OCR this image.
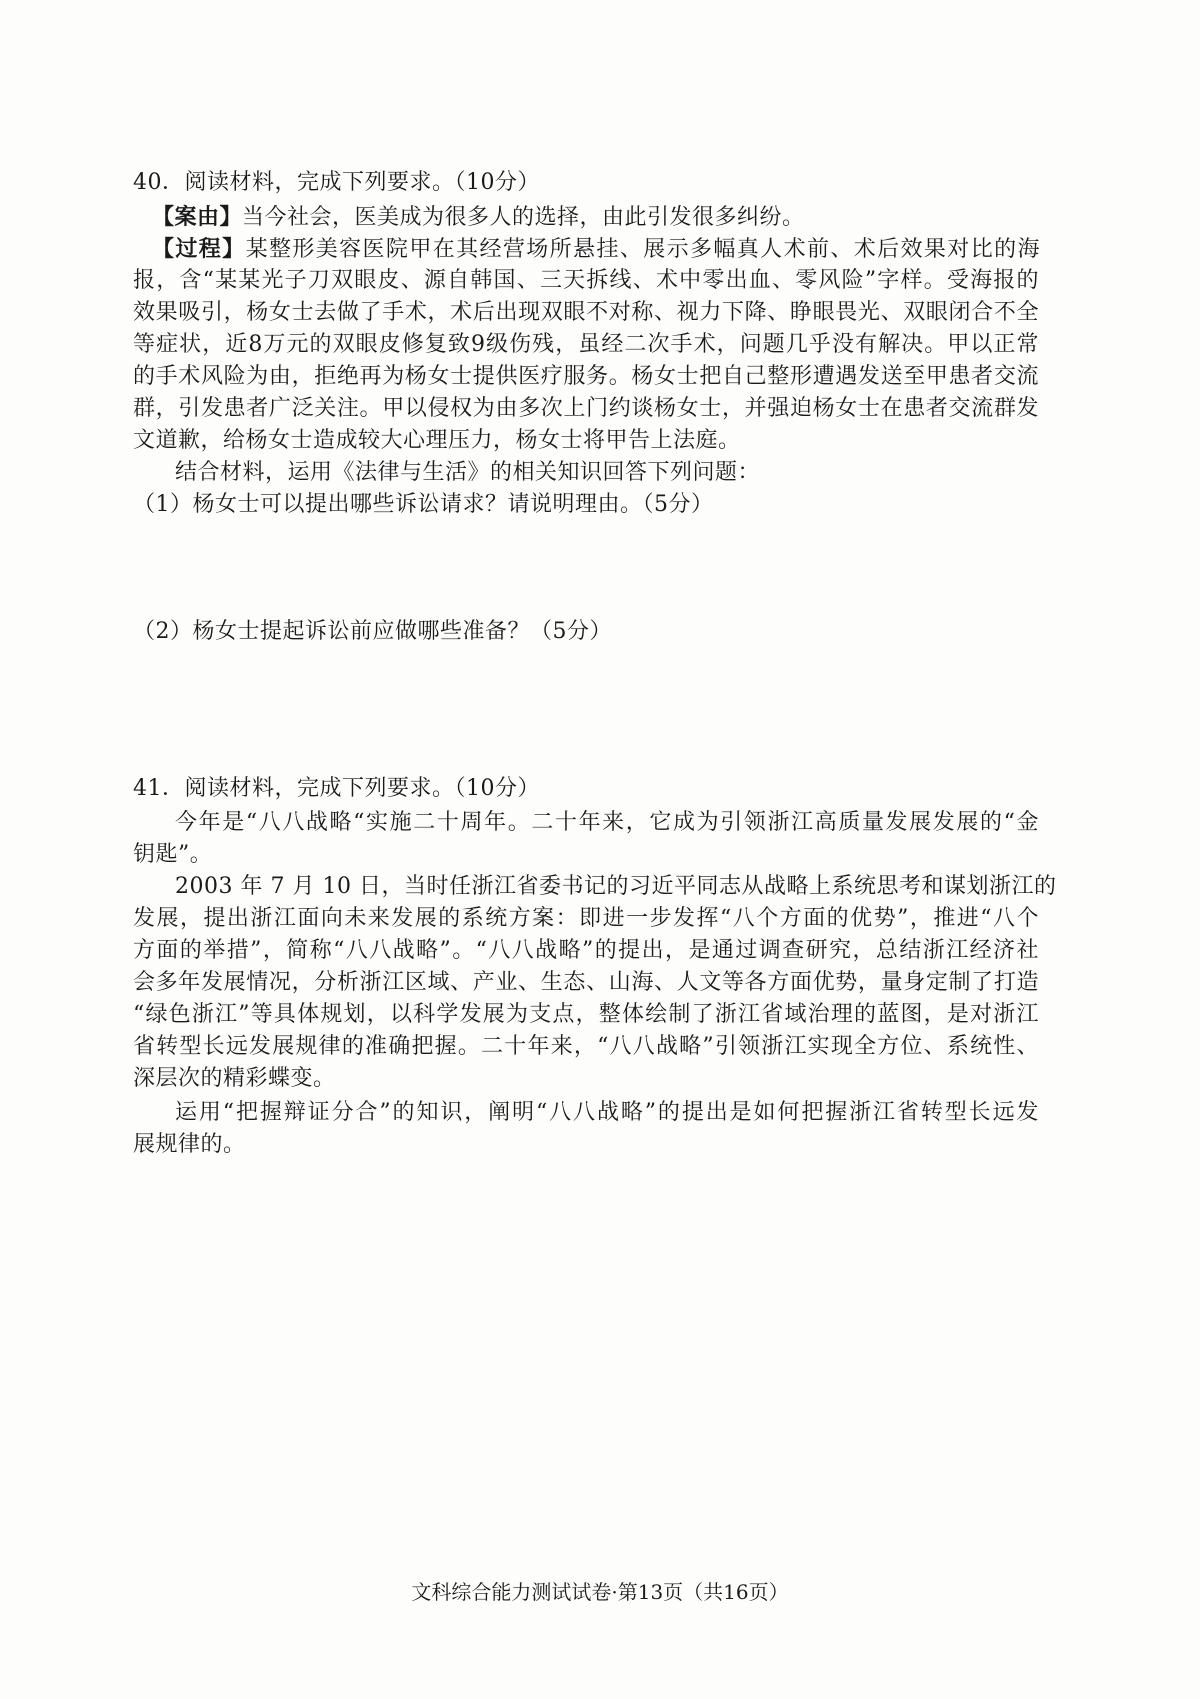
40．阅读材料，完成下列要求。（10分）
【案由】当今社会，医美成为很多人的选择，由此引发很多纠纷。
【过程】某整形美容医院甲在其经营场所悬挂、展示多幅真人术前、术后效果对比的海
报，含“某某光子刀双眼皮、源自韩国、三天拆线、术中零出血、零风险”字样。受海报的
效果吸引，杨女士去做了手术，术后出现双眼不对称、视力下降、睁眼畏光、双眼闭合不全
等症状，近8万元的双眼皮修复致9级伤残，虽经二次手术，问题几乎没有解决。甲以正常
的手术风险为由，拒绝再为杨女士提供医疗服务。杨女士把自己整形遭遇发送至甲患者交流
群，引发患者广泛关注。甲以侵权为由多次上门约谈杨女士，并强迫杨女士在患者交流群发
文道歉，给杨女士造成较大心理压力，杨女士将甲告上法庭。
结合材料，运用《法律与生活》的相关知识回答下列问题：
（1）杨女士可以提出哪些诉讼请求？请说明理由。（5分）
（2）杨女士提起诉讼前应做哪些准备？（5分）
41．阅读材料，完成下列要求。（10分）
今年是“八八战略“实施二十周年。二十年来，它成为引领浙江高质量发展发展的“金
钥匙”。
2003 年 7 月 10 日，当时任浙江省委书记的习近平同志从战略上系统思考和谋划浙江的
发展，提出浙江面向未来发展的系统方案：即进一步发挥“八个方面的优势”，推进“八个
方面的举措”，简称“八八战略”。“八八战略”的提出，是通过调查研究，总结浙江经济社
会多年发展情况，分析浙江区域、产业、生态、山海、人文等各方面优势，量身定制了打造
“绿色浙江”等具体规划，以科学发展为支点，整体绘制了浙江省域治理的蓝图，是对浙江
省转型长远发展规律的准确把握。二十年来，“八八战略”引领浙江实现全方位、系统性、
深层次的精彩蝶变。
运用“把握辩证分合”的知识，阐明“八八战略”的提出是如何把握浙江省转型长远发
展规律的。
文科综合能力测试试卷·第13页（共16页）
